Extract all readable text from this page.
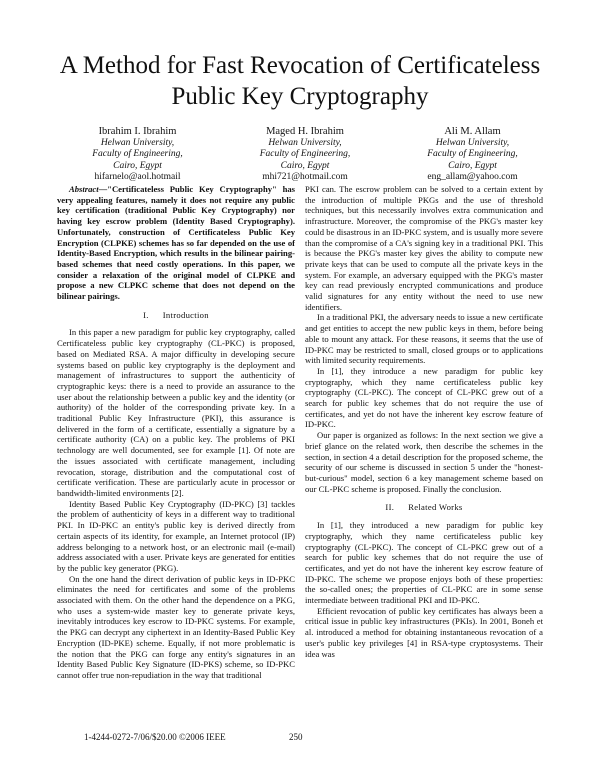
A Method for Fast Revocation of Certificateless
Public Key Cryptography
Ibrahim I. Ibrahim
Helwan University,
Faculty of Engineering,
Cairo, Egypt
hifarnelo@aol.hotmail
Maged H. Ibrahim
Helwan University,
Faculty of Engineering,
Cairo, Egypt
mhi721@hotmail.com
Ali M. Allam
Helwan University,
Faculty of Engineering,
Cairo, Egypt
eng_allam@yahoo.com

Abstract—"Certificateless Public Key Cryptography" has very appealing features, namely it does not require any public key certification (traditional Public Key Cryptography) nor having key escrow problem (Identity Based Cryptography). Unfortunately, construction of Certificateless Public Key Encryption (CLPKE) schemes has so far depended on the use of Identity-Based Encryption, which results in the bilinear pairing-based schemes that need costly operations. In this paper, we consider a relaxation of the original model of CLPKE and propose a new CLPKC scheme that does not depend on the bilinear pairings.

I. Introduction

In this paper a new paradigm for public key cryptography, called Certificateless public key cryptography (CL-PKC) is proposed, based on Mediated RSA. A major difficulty in developing secure systems based on public key cryptography is the deployment and management of infrastructures to support the authenticity of cryptographic keys: there is a need to provide an assurance to the user about the relationship between a public key and the identity (or authority) of the holder of the corresponding private key. In a traditional Public Key Infrastructure (PKI), this assurance is delivered in the form of a certificate, essentially a signature by a certificate authority (CA) on a public key. The problems of PKI technology are well documented, see for example [1]. Of note are the issues associated with certificate management, including revocation, storage, distribution and the computational cost of certificate verification. These are particularly acute in processor or bandwidth-limited environments [2].

Identity Based Public Key Cryptography (ID-PKC) [3] tackles the problem of authenticity of keys in a different way to traditional PKI. In ID-PKC an entity's public key is derived directly from certain aspects of its identity, for example, an Internet protocol (IP) address belonging to a network host, or an electronic mail (e-mail) address associated with a user. Private keys are generated for entities by the public key generator (PKG).

On the one hand the direct derivation of public keys in ID-PKC eliminates the need for certificates and some of the problems associated with them. On the other hand the dependence on a PKG, who uses a system-wide master key to generate private keys, inevitably introduces key escrow to ID-PKC systems. For example, the PKG can decrypt any ciphertext in an Identity-Based Public Key Encryption (ID-PKE) scheme. Equally, if not more problematic is the notion that the PKG can forge any entity's signatures in an Identity Based Public Key Signature (ID-PKS) scheme, so ID-PKC cannot offer true non-repudiation in the way that traditional

PKI can. The escrow problem can be solved to a certain extent by the introduction of multiple PKGs and the use of threshold techniques, but this necessarily involves extra communication and infrastructure. Moreover, the compromise of the PKG's master key could be disastrous in an ID-PKC system, and is usually more severe than the compromise of a CA's signing key in a traditional PKI. This is because the PKG's master key gives the ability to compute new private keys that can be used to compute all the private keys in the system. For example, an adversary equipped with the PKG's master key can read previously encrypted communications and produce valid signatures for any entity without the need to use new identifiers.

In a traditional PKI, the adversary needs to issue a new certificate and get entities to accept the new public keys in them, before being able to mount any attack. For these reasons, it seems that the use of ID-PKC may be restricted to small, closed groups or to applications with limited security requirements.

In [1], they introduce a new paradigm for public key cryptography, which they name certificateless public key cryptography (CL-PKC). The concept of CL-PKC grew out of a search for public key schemes that do not require the use of certificates, and yet do not have the inherent key escrow feature of ID-PKC.

Our paper is organized as follows: In the next section we give a brief glance on the related work, then describe the schemes in the section, in section 4 a detail description for the proposed scheme, the security of our scheme is discussed in section 5 under the "honest-but-curious" model, section 6 a key management scheme based on our CL-PKC scheme is proposed. Finally the conclusion.

II. Related Works

In [1], they introduced a new paradigm for public key cryptography, which they name certificateless public key cryptography (CL-PKC). The concept of CL-PKC grew out of a search for public key schemes that do not require the use of certificates, and yet do not have the inherent key escrow feature of ID-PKC. The scheme we propose enjoys both of these properties: the so-called ones; the properties of CL-PKC are in some sense intermediate between traditional PKI and ID-PKC.

Efficient revocation of public key certificates has always been a critical issue in public key infrastructures (PKIs). In 2001, Boneh et al. introduced a method for obtaining instantaneous revocation of a user's public key privileges [4] in RSA-type cryptosystems. Their idea was

1-4244-0272-7/06/$20.00 ©2006 IEEE	250
